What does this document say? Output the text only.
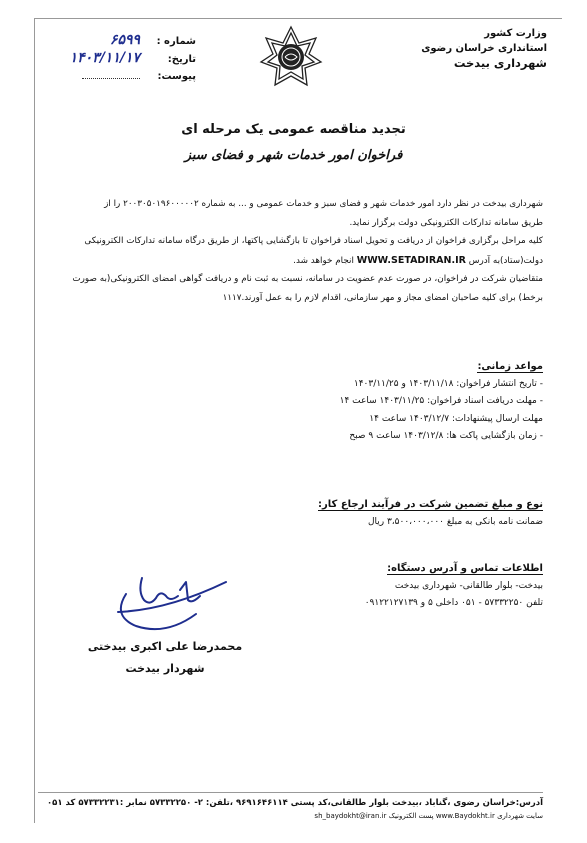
وزارت کشور
استانداری خراسان رضوی
شهرداری بیدخت
شماره :
۶۵۹۹
تاریخ:
۱۴۰۳/۱۱/۱۷
پیوست:
تجدید مناقصه عمومی یک مرحله ای
فراخوان امور خدمات شهر و فضای سبز

شهرداری بیدخت در نظر دارد امور خدمات شهر و فضای سبز و خدمات عمومی و ... به شماره ۲۰۰۳۰۵۰۱۹۶۰۰۰۰۰۲ را از

طریق سامانه تدارکات الکترونیکی دولت برگزار نماید.

کلیه مراحل برگزاری فراخوان از دریافت و تحویل اسناد فراخوان تا بازگشایی پاکتها، از طریق درگاه سامانه تدارکات الکترونیکی

دولت(ستاد)به آدرس WWW.SETADIRAN.IR انجام خواهد شد.

متقاضیان شرکت در فراخوان، در صورت عدم عضویت در سامانه، نسبت به ثبت نام و دریافت گواهی امضای الکترونیکی(به صورت

برخط) برای کلیه صاحبان امضای مجاز و مهر سازمانی، اقدام لازم را به عمل آورند.۱۱۱۷

مواعد زمانی:
- تاریخ انتشار فراخوان: ۱۴۰۳/۱۱/۱۸ و ۱۴۰۳/۱۱/۲۵
- مهلت دریافت اسناد فراخوان: ۱۴۰۳/۱۱/۲۵ ساعت ۱۴
مهلت ارسال پیشنهادات: ۱۴۰۳/۱۲/۷ ساعت ۱۴
- زمان بازگشایی پاکت ها: ۱۴۰۳/۱۲/۸ ساعت ۹ صبح
نوع و مبلغ تضمین شرکت در فرآیند ارجاع کار:
ضمانت نامه بانکی به مبلغ ۳،۵۰۰،۰۰۰،۰۰۰ ریال
اطلاعات تماس و آدرس دستگاه:
بیدخت- بلوار طالقانی- شهرداری بیدخت
تلفن ۵۷۳۳۲۲۵۰ - ۰۵۱ داخلی ۵ و ۰۹۱۲۲۱۲۷۱۳۹
محمدرضا علی اکبری بیدختی
شهردار بیدخت
آدرس:خراسان رضوی ،گناباد ،بیدخت بلوار طالقانی،کد پستی ۹۶۹۱۶۴۶۱۱۴ ،تلفن: ۲- ۵۷۳۳۲۲۵۰ نمابر :۵۷۳۳۲۲۳۱ کد ۰۵۱
سایت شهرداری www.Baydokht.ir پست الکترونیک sh_baydokht@iran.ir
